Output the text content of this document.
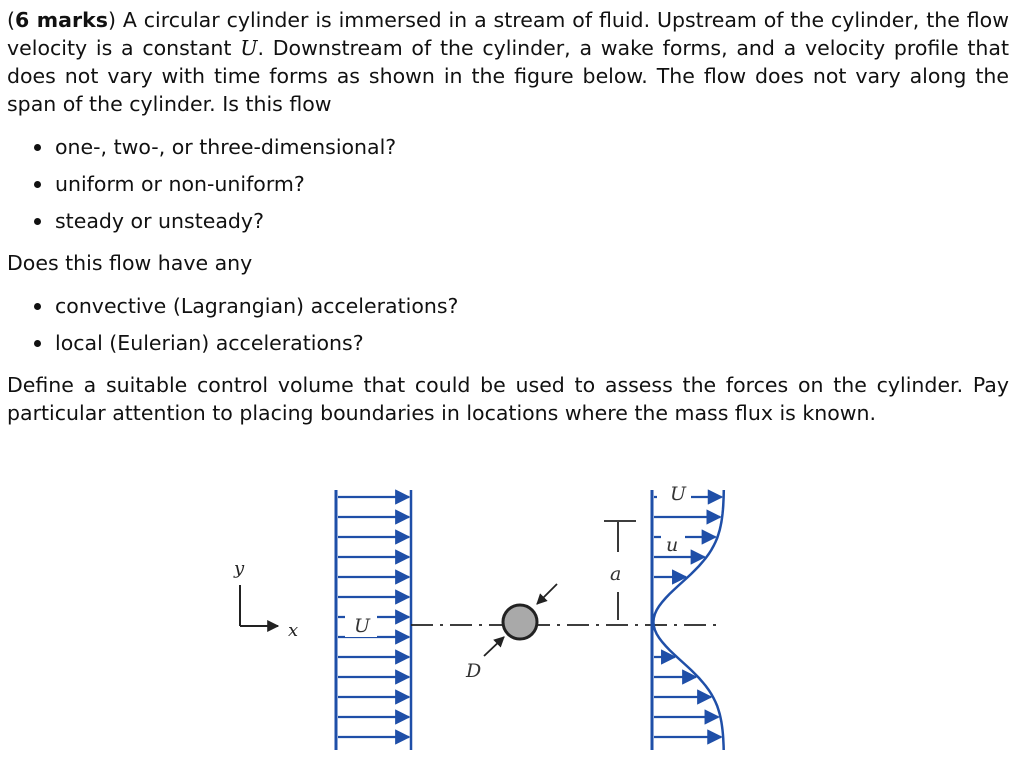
(6 marks) A circular cylinder is immersed in a stream of fluid. Upstream of the cylinder, the flow velocity is a constant U. Downstream of the cylinder, a wake forms, and a velocity profile that does not vary with time forms as shown in the figure below. The flow does not vary along the span of the cylinder. Is this flow

one-, two-, or three-dimensional?
uniform or non-uniform?
steady or unsteady?

Does this flow have any

convective (Lagrangian) accelerations?
local (Eulerian) accelerations?

Define a suitable control volume that could be used to assess the forces on the cylinder. Pay particular attention to placing boundaries in locations where the mass flux is known.

y
x	U
D
a
U
u
